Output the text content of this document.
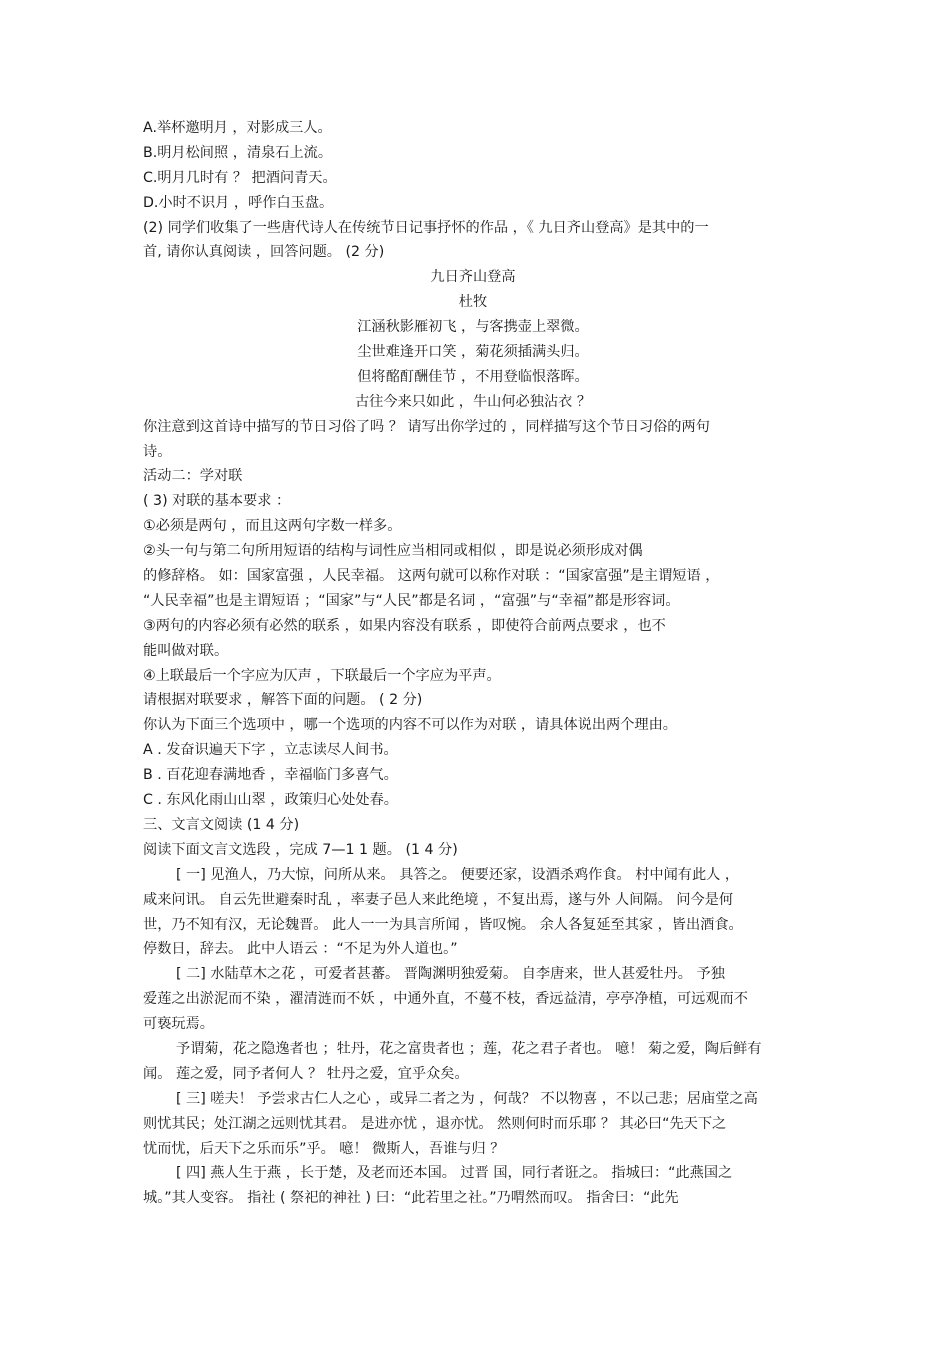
A.举杯邀明月 ，对影成三人。
B.明月松间照 ，清泉石上流。
C.明月几时有 ？ 把酒问青天。
D.小时不识月 ，呼作白玉盘。
(2) 同学们收集了一些唐代诗人在传统节日记事抒怀的作品 ，《 九日齐山登高》是其中的一
首, 请你认真阅读 ，回答问题。 (2 分)
九日齐山登高
杜牧
江涵秋影雁初飞 ，与客携壶上翠微。
尘世难逢开口笑 ，菊花须插满头归。
但将酩酊酬佳节 ，不用登临恨落晖。
古往今来只如此 ，牛山何必独沾衣 ？
你注意到这首诗中描写的节日习俗了吗 ？ 请写出你学过的 ，同样描写这个节日习俗的两句
诗。
活动二：学对联
( 3) 对联的基本要求 ：
①必须是两句 ，而且这两句字数一样多。
②头一句与第二句所用短语的结构与词性应当相同或相似 ，即是说必须形成对偶
的修辞格。 如：国家富强 ，人民幸福。 这两句就可以称作对联 ：“国家富强”是主谓短语 ，
“人民幸福”也是主谓短语 ；“国家”与“人民”都是名词 ，“富强”与“幸福”都是形容词。
③两句的内容必须有必然的联系 ，如果内容没有联系 ，即使符合前两点要求 ，也不
能叫做对联。
④上联最后一个字应为仄声 ，下联最后一个字应为平声。
请根据对联要求 ，解答下面的问题。 ( 2 分)
你认为下面三个选项中 ，哪一个选项的内容不可以作为对联 ，请具体说出两个理由。
A . 发奋识遍天下字 ，立志读尽人间书。
B . 百花迎春满地香 ，幸福临门多喜气。
C . 东风化雨山山翠 ，政策归心处处春。
三、文言文阅读 (1 4 分)
阅读下面文言文选段 ，完成 7—1 1 题。 (1 4 分)
[ 一] 见渔人，乃大惊，问所从来。 具答之。 便要还家，设酒杀鸡作食。 村中闻有此人 ，
咸来问讯。 自云先世避秦时乱 ，率妻子邑人来此绝境 ，不复出焉，遂与外 人间隔。 问今是何
世，乃不知有汉，无论魏晋。 此人一一为具言所闻 ，皆叹惋。 余人各复延至其家 ，皆出酒食。
停数日，辞去。 此中人语云 ：“不足为外人道也。”
[ 二] 水陆草木之花 ，可爱者甚蕃。 晋陶渊明独爱菊。 自李唐来，世人甚爱牡丹。 予独
爱莲之出淤泥而不染 ，濯清涟而不妖 ，中通外直，不蔓不枝，香远益清，亭亭净植，可远观而不
可亵玩焉。
予谓菊，花之隐逸者也 ；牡丹，花之富贵者也 ；莲，花之君子者也。 噫！ 菊之爱，陶后鲜有
闻。 莲之爱，同予者何人 ？ 牡丹之爱，宜乎众矣。
[ 三] 嗟夫！ 予尝求古仁人之心 ，或异二者之为 ，何哉？ 不以物喜 ，不以己悲；居庙堂之高
则忧其民；处江湖之远则忧其君。 是进亦忧 ，退亦忧。 然则何时而乐耶 ？ 其必曰“先天下之
忧而忧，后天下之乐而乐”乎。 噫！ 微斯人，吾谁与归 ？
[ 四] 燕人生于燕 ，长于楚，及老而还本国。 过晋 国，同行者诳之。 指城曰：“此燕国之
城。”其人变容。 指社 ( 祭祀的神社 ) 曰：“此若里之社。”乃喟然而叹。 指舍曰：“此先
